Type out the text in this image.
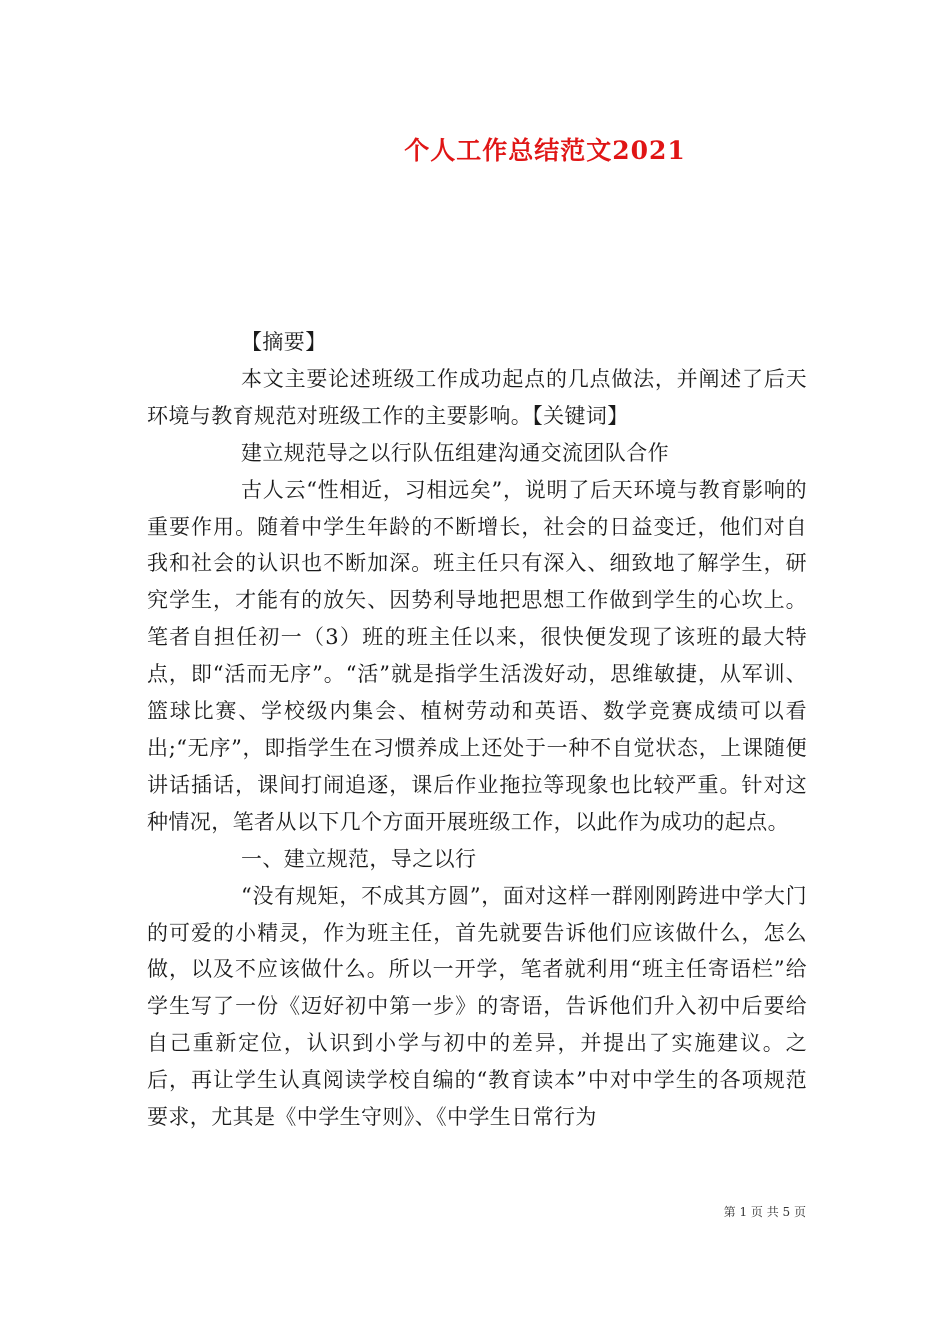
个人工作总结范文2021

【摘要】

本文主要论述班级工作成功起点的几点做法，并阐述了后天环境与教育规范对班级工作的主要影响。【关键词】

建立规范导之以行队伍组建沟通交流团队合作

古人云“性相近，习相远矣”，说明了后天环境与教育影响的重要作用。随着中学生年龄的不断增长，社会的日益变迁，他们对自我和社会的认识也不断加深。班主任只有深入、细致地了解学生，研究学生，才能有的放矢、因势利导地把思想工作做到学生的心坎上。笔者自担任初一（3）班的班主任以来，很快便发现了该班的最大特点，即“活而无序”。“活”就是指学生活泼好动，思维敏捷，从军训、篮球比赛、学校级内集会、植树劳动和英语、数学竞赛成绩可以看出;“无序”，即指学生在习惯养成上还处于一种不自觉状态，上课随便讲话插话，课间打闹追逐，课后作业拖拉等现象也比较严重。针对这种情况，笔者从以下几个方面开展班级工作，以此作为成功的起点。

一、建立规范，导之以行

“没有规矩，不成其方圆”，面对这样一群刚刚跨进中学大门的可爱的小精灵，作为班主任，首先就要告诉他们应该做什么，怎么做，以及不应该做什么。所以一开学，笔者就利用“班主任寄语栏”给学生写了一份《迈好初中第一步》的寄语，告诉他们升入初中后要给自己重新定位，认识到小学与初中的差异，并提出了实施建议。之后，再让学生认真阅读学校自编的“教育读本”中对中学生的各项规范要求，尤其是《中学生守则》、《中学生日常行为

第 1 页 共 5 页
